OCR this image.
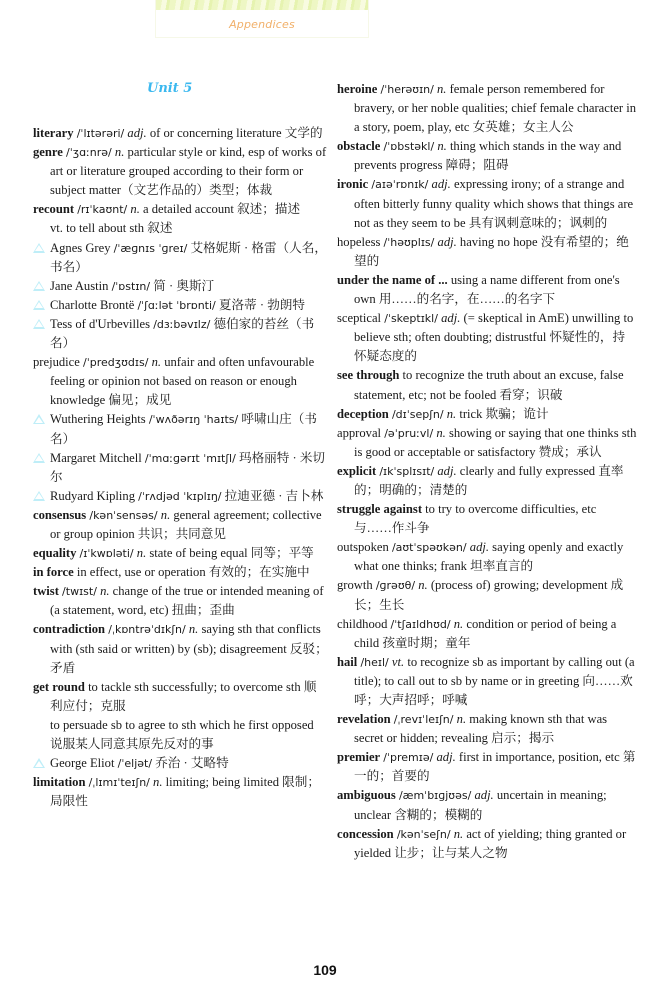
Appendices
Unit 5

literary /ˈlɪtərəri/ adj. of or concerning literature 文学的

genre /ˈʒɑːnrə/ n. particular style or kind, esp of works of art or literature grouped according to their form or subject matter（文艺作品的）类型；体裁

recount /rɪˈkaʊnt/ n. a detailed account 叙述；描述

vt. to tell about sth 叙述

Agnes Grey /ˈæɡnɪs ˈɡreɪ/ 艾格妮斯 · 格雷（人名，书名）

Jane Austin /ˈɒstɪn/ 简 · 奥斯汀

Charlotte Brontë /ˈʃɑːlət ˈbrɒnti/ 夏洛蒂 · 勃朗特

Tess of d'Urbevilles /dɜːbəvɪlz/ 德伯家的苔丝（书名）

prejudice /ˈpredʒʊdɪs/ n. unfair and often unfavourable feeling or opinion not based on reason or enough knowledge 偏见；成见

Wuthering Heights /ˈwʌðərɪŋ ˈhaɪts/ 呼啸山庄（书名）

Margaret Mitchell /ˈmɑːɡərɪt ˈmɪtʃl/ 玛格丽特 · 米切尔

Rudyard Kipling /ˈrʌdjəd ˈkɪplɪŋ/ 拉迪亚德 · 吉卜林

consensus /kənˈsensəs/ n. general agreement; collective or group opinion 共识；共同意见

equality /ɪˈkwɒləti/ n. state of being equal 同等；平等

in force in effect, use or operation 有效的；在实施中

twist /twɪst/ n. change of the true or intended meaning of (a statement, word, etc) 扭曲；歪曲

contradiction /ˌkɒntrəˈdɪkʃn/ n. saying sth that conflicts with (sth said or written) by (sb); disagreement 反驳；矛盾

get round to tackle sth successfully; to overcome sth 顺利应付；克服

to persuade sb to agree to sth which he first opposed 说服某人同意其原先反对的事

George Eliot /ˈeljət/ 乔治 · 艾略特

limitation /ˌlɪmɪˈteɪʃn/ n. limiting; being limited 限制；局限性

heroine /ˈherəʊɪn/ n. female person remembered for bravery, or her noble qualities; chief female character in a story, poem, play, etc 女英雄；女主人公

obstacle /ˈɒbstəkl/ n. thing which stands in the way and prevents progress 障碍；阻碍

ironic /aɪəˈrɒnɪk/ adj. expressing irony; of a strange and often bitterly funny quality which shows that things are not as they seem to be 具有讽刺意味的；讽刺的

hopeless /ˈhəʊplɪs/ adj. having no hope 没有希望的；绝望的

under the name of ... using a name different from one's own 用……的名字，在……的名字下

sceptical /ˈskeptɪkl/ adj. (= skeptical in AmE) unwilling to believe sth; often doubting; distrustful 怀疑性的，持怀疑态度的

see through to recognize the truth about an excuse, false statement, etc; not be fooled 看穿；识破

deception /dɪˈsepʃn/ n. trick 欺骗；诡计

approval /əˈpruːvl/ n. showing or saying that one thinks sth is good or acceptable or satisfactory 赞成；承认

explicit /ɪkˈsplɪsɪt/ adj. clearly and fully expressed 直率的；明确的；清楚的

struggle against to try to overcome difficulties, etc 与……作斗争

outspoken /aʊtˈspəʊkən/ adj. saying openly and exactly what one thinks; frank 坦率直言的

growth /ɡrəʊθ/ n. (process of) growing; development 成长；生长

childhood /ˈtʃaɪldhʊd/ n. condition or period of being a child 孩童时期；童年

hail /heɪl/ vt. to recognize sb as important by calling out (a title); to call out to sb by name or in greeting 向……欢呼；大声招呼；呼喊

revelation /ˌrevɪˈleɪʃn/ n. making known sth that was secret or hidden; revealing 启示；揭示

premier /ˈpremɪə/ adj. first in importance, position, etc 第一的；首要的

ambiguous /æmˈbɪɡjʊəs/ adj. uncertain in meaning; unclear 含糊的；模糊的

concession /kənˈseʃn/ n. act of yielding; thing granted or yielded 让步；让与某人之物

109
